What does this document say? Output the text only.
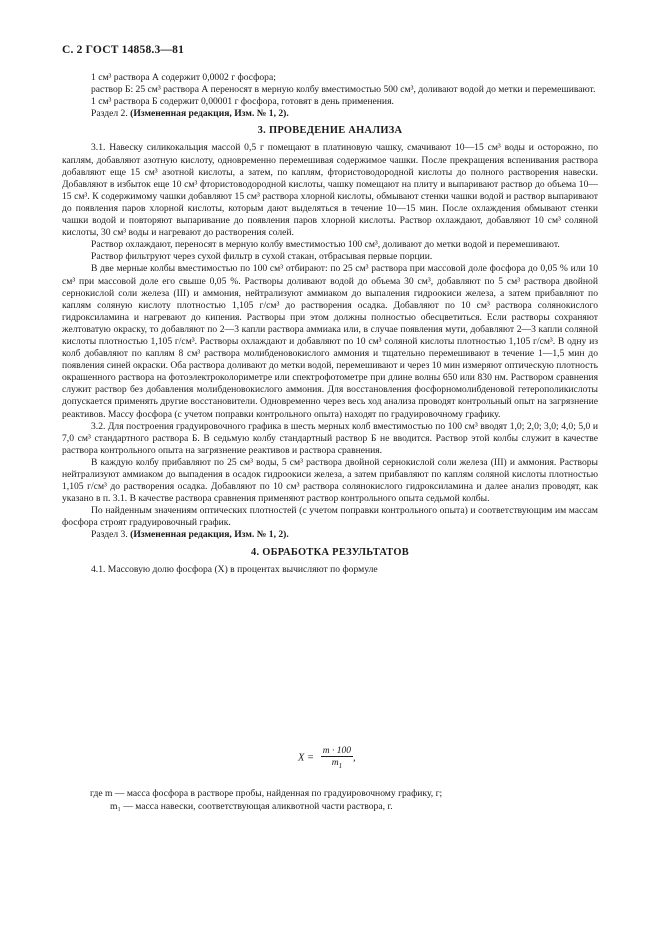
С. 2 ГОСТ 14858.3—81

1 см³ раствора А содержит 0,0002 г фосфора;

раствор Б: 25 см³ раствора А переносят в мерную колбу вместимостью 500 см³, доливают водой до метки и перемешивают.

1 см³ раствора Б содержит 0,00001 г фосфора, готовят в день применения.

Раздел 2. (Измененная редакция, Изм. № 1, 2).

3. ПРОВЕДЕНИЕ АНАЛИЗА

3.1. Навеску силикокальция массой 0,5 г помещают в платиновую чашку, смачивают 10—15 см³ воды и осторожно, по каплям, добавляют азотную кислоту, одновременно перемешивая содержимое чашки. После прекращения вспенивания раствора добавляют еще 15 см³ азотной кислоты, а затем, по каплям, фтористоводородной кислоты до полного растворения навески. Добавляют в избыток еще 10 см³ фтористоводородной кислоты, чашку помещают на плиту и выпаривают раствор до объема 10—15 см³. К содержимому чашки добавляют 15 см³ раствора хлорной кислоты, обмывают стенки чашки водой и раствор выпаривают до появления паров хлорной кислоты, которым дают выделяться в течение 10—15 мин. После охлаждения обмывают стенки чашки водой и повторяют выпаривание до появления паров хлорной кислоты. Раствор охлаждают, добавляют 10 см³ соляной кислоты, 30 см³ воды и нагревают до растворения солей.

Раствор охлаждают, переносят в мерную колбу вместимостью 100 см³, доливают до метки водой и перемешивают.

Раствор фильтруют через сухой фильтр в сухой стакан, отбрасывая первые порции.

В две мерные колбы вместимостью по 100 см³ отбирают: по 25 см³ раствора при массовой доле фосфора до 0,05 % или 10 см³ при массовой доле его свыше 0,05 %. Растворы доливают водой до объема 30 см³, добавляют по 5 см³ раствора двойной сернокислой соли железа (III) и аммония, нейтрализуют аммиаком до выпаления гидроокиси железа, а затем прибавляют по каплям соляную кислоту плотностью 1,105 г/см³ до растворения осадка. Добавляют по 10 см³ раствора солянокислого гидроксиламина и нагревают до кипения. Растворы при этом должны полностью обесцветиться. Если растворы сохраняют желтоватую окраску, то добавляют по 2—3 капли раствора аммиака или, в случае появления мути, добавляют 2—3 капли соляной кислоты плотностью 1,105 г/см³. Растворы охлаждают и добавляют по 10 см³ соляной кислоты плотностью 1,105 г/см³. В одну из колб добавляют по каплям 8 см³ раствора молибденовокислого аммония и тщательно перемешивают в течение 1—1,5 мин до появления синей окраски. Оба раствора доливают до метки водой, перемешивают и через 10 мин измеряют оптическую плотность окрашенного раствора на фотоэлектроколориметре или спектрофотометре при длине волны 650 или 830 нм. Раствором сравнения служит раствор без добавления молибденовокислого аммония. Для восстановления фосфорномолибденовой гетерополикислоты допускается применять другие восстановители. Одновременно через весь ход анализа проводят контрольный опыт на загрязнение реактивов. Массу фосфора (с учетом поправки контрольного опыта) находят по градуировочному графику.

3.2. Для построения градуировочного графика в шесть мерных колб вместимостью по 100 см³ вводят 1,0; 2,0; 3,0; 4,0; 5,0 и 7,0 см³ стандартного раствора Б. В седьмую колбу стандартный раствор Б не вводится. Раствор этой колбы служит в качестве раствора контрольного опыта на загрязнение реактивов и раствора сравнения.

В каждую колбу прибавляют по 25 см³ воды, 5 см³ раствора двойной сернокислой соли железа (III) и аммония. Растворы нейтрализуют аммиаком до выпадения в осадок гидроокиси железа, а затем прибавляют по каплям соляной кислоты плотностью 1,105 г/см³ до растворения осадка. Добавляют по 10 см³ раствора солянокислого гидроксиламина и далее анализ проводят, как указано в п. 3.1. В качестве раствора сравнения применяют раствор контрольного опыта седьмой колбы.

По найденным значениям оптических плотностей (с учетом поправки контрольного опыта) и соответствующим им массам фосфора строят градуировочный график.

Раздел 3. (Измененная редакция, Изм. № 1, 2).

4. ОБРАБОТКА РЕЗУЛЬТАТОВ

4.1. Массовую долю фосфора (X) в процентах вычисляют по формуле

$X = \frac{m \cdot 100}{m_1}$ ,
где m — масса фосфора в растворе пробы, найденная по градуировочному графику, г;
m₁ — масса навески, соответствующая аликвотной части раствора, г.
